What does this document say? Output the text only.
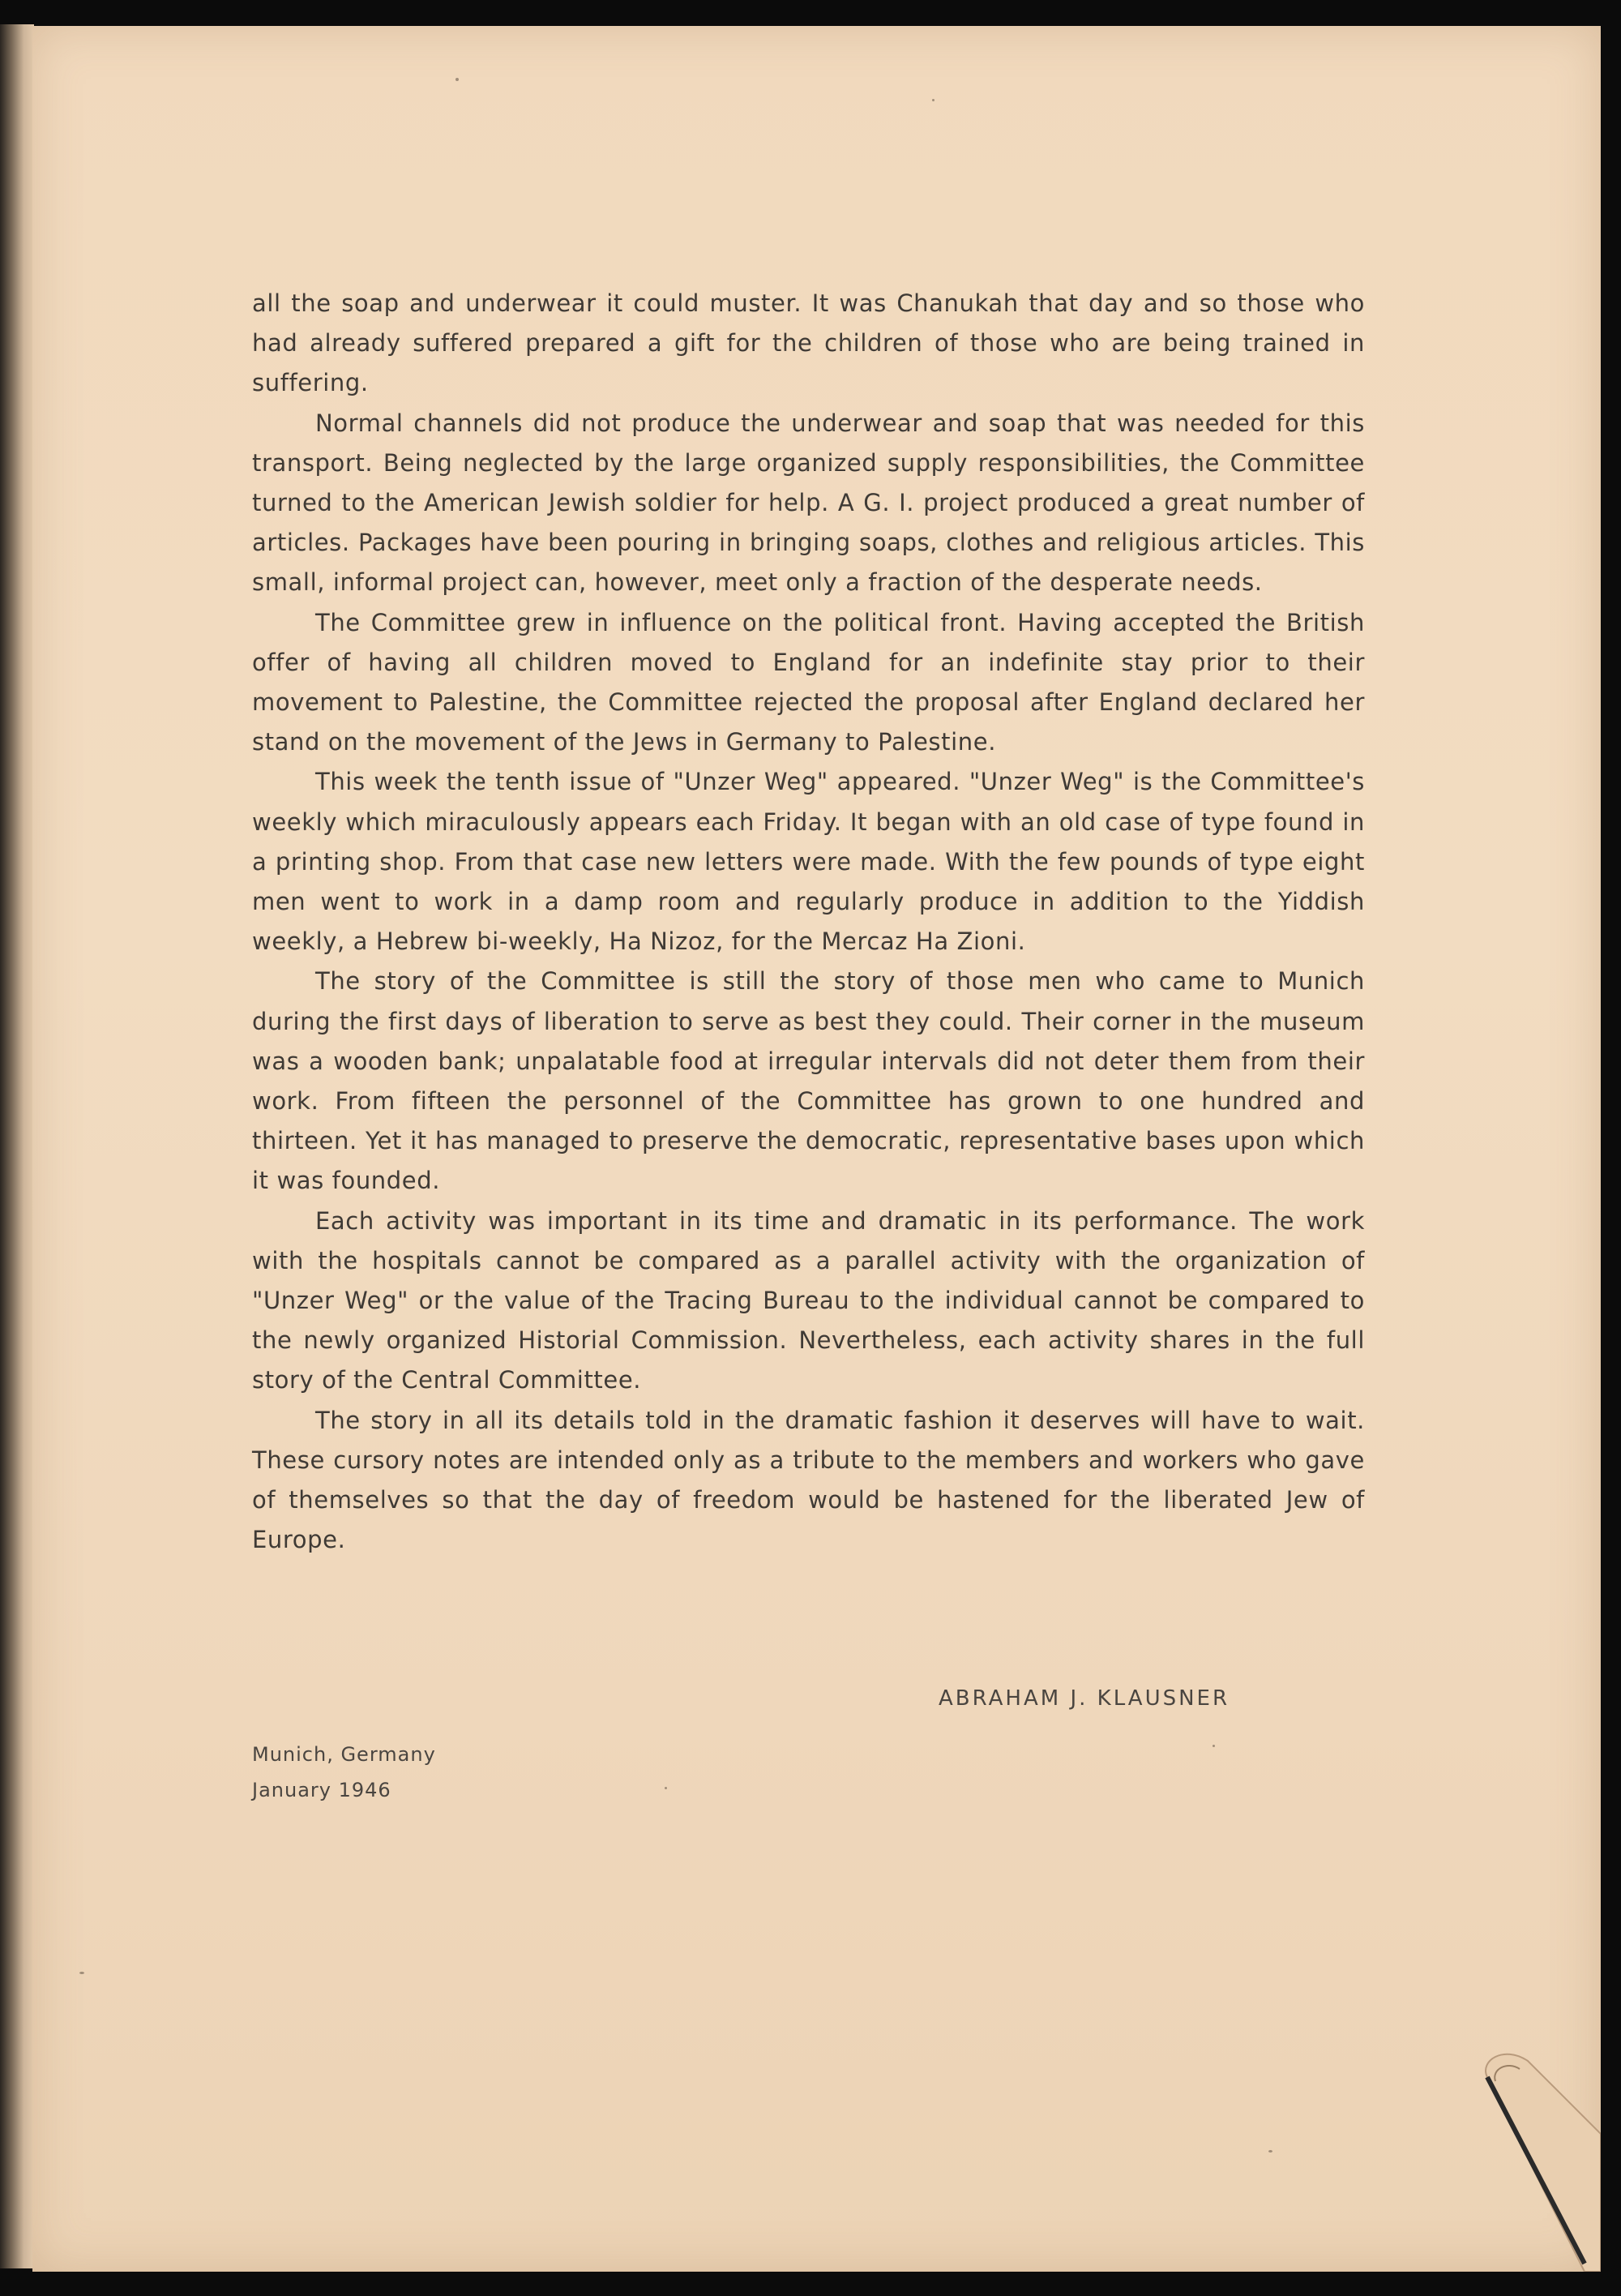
all the soap and underwear it could muster. It was Chanukah that day and so those who had already suffered prepared a gift for the children of those who are being trained in suffering.

Normal channels did not produce the underwear and soap that was needed for this transport. Being neglected by the large organized supply responsibilities, the Committee turned to the American Jewish soldier for help. A G. I. project produced a great number of articles. Packages have been pouring in bringing soaps, clothes and religious articles. This small, informal project can, however, meet only a fraction of the desperate needs.

The Committee grew in influence on the political front. Having accepted the British offer of having all children moved to England for an indefinite stay prior to their movement to Palestine, the Committee rejected the proposal after England declared her stand on the movement of the Jews in Germany to Palestine.

This week the tenth issue of "Unzer Weg" appeared. "Unzer Weg" is the Committee's weekly which miraculously appears each Friday. It began with an old case of type found in a printing shop. From that case new letters were made. With the few pounds of type eight men went to work in a damp room and regularly produce in addition to the Yiddish weekly, a Hebrew bi-weekly, Ha Nizoz, for the Mercaz Ha Zioni.

The story of the Committee is still the story of those men who came to Munich during the first days of liberation to serve as best they could. Their corner in the museum was a wooden bank; unpalatable food at irregular intervals did not deter them from their work. From fifteen the personnel of the Committee has grown to one hundred and thirteen. Yet it has managed to preserve the democratic, representative bases upon which it was founded.

Each activity was important in its time and dramatic in its performance. The work with the hospitals cannot be compared as a parallel activity with the organization of "Unzer Weg" or the value of the Tracing Bureau to the individual cannot be compared to the newly organized Historial Commission. Nevertheless, each activity shares in the full story of the Central Committee.

The story in all its details told in the dramatic fashion it deserves will have to wait. These cursory notes are intended only as a tribute to the members and workers who gave of themselves so that the day of freedom would be hastened for the liberated Jew of Europe.

ABRAHAM J. KLAUSNER
Munich, Germany
January 1946
